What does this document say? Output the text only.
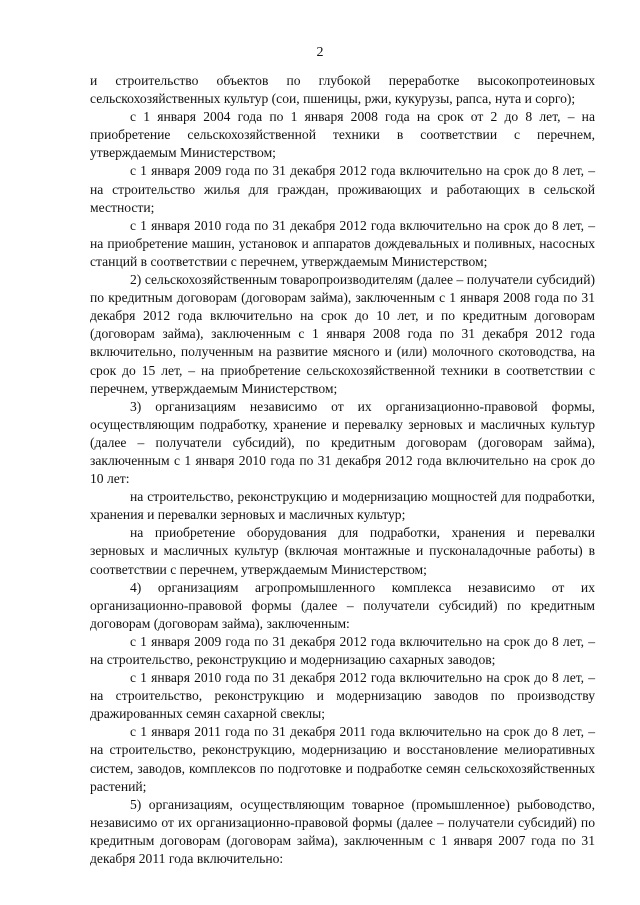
2

и строительство объектов по глубокой переработке высокопротеиновых сельскохозяйственных культур (сои, пшеницы, ржи, кукурузы, рапса, нута и сорго);

с 1 января 2004 года по 1 января 2008 года на срок от 2 до 8 лет, – на приобретение сельскохозяйственной техники в соответствии с перечнем, утверждаемым Министерством;

с 1 января 2009 года по 31 декабря 2012 года включительно на срок до 8 лет, – на строительство жилья для граждан, проживающих и работающих в сельской местности;

с 1 января 2010 года по 31 декабря 2012 года включительно на срок до 8 лет, – на приобретение машин, установок и аппаратов дождевальных и поливных, насосных станций в соответствии с перечнем, утверждаемым Министерством;

2) сельскохозяйственным товаропроизводителям (далее – получатели субсидий) по кредитным договорам (договорам займа), заключенным с 1 января 2008 года по 31 декабря 2012 года включительно на срок до 10 лет, и по кредитным договорам (договорам займа), заключенным с 1 января 2008 года по 31 декабря 2012 года включительно, полученным на развитие мясного и (или) молочного скотоводства, на срок до 15 лет, – на приобретение сельскохозяйственной техники в соответствии с перечнем, утверждаемым Министерством;

3) организациям независимо от их организационно-правовой формы, осуществляющим подработку, хранение и перевалку зерновых и масличных культур (далее – получатели субсидий), по кредитным договорам (договорам займа), заключенным с 1 января 2010 года по 31 декабря 2012 года включительно на срок до 10 лет:

на строительство, реконструкцию и модернизацию мощностей для подработки, хранения и перевалки зерновых и масличных культур;

на приобретение оборудования для подработки, хранения и перевалки зерновых и масличных культур (включая монтажные и пусконаладочные работы) в соответствии с перечнем, утверждаемым Министерством;

4) организациям агропромышленного комплекса независимо от их организационно-правовой формы (далее – получатели субсидий) по кредитным договорам (договорам займа), заключенным:

с 1 января 2009 года по 31 декабря 2012 года включительно на срок до 8 лет, – на строительство, реконструкцию и модернизацию сахарных заводов;

с 1 января 2010 года по 31 декабря 2012 года включительно на срок до 8 лет, – на строительство, реконструкцию и модернизацию заводов по производству дражированных семян сахарной свеклы;

с 1 января 2011 года по 31 декабря 2011 года включительно на срок до 8 лет, – на строительство, реконструкцию, модернизацию и восстановление мелиоративных систем, заводов, комплексов по подготовке и подработке семян сельскохозяйственных растений;

5) организациям, осуществляющим товарное (промышленное) рыбоводство, независимо от их организационно-правовой формы (далее – получатели субсидий) по кредитным договорам (договорам займа), заключенным с 1 января 2007 года по 31 декабря 2011 года включительно:
